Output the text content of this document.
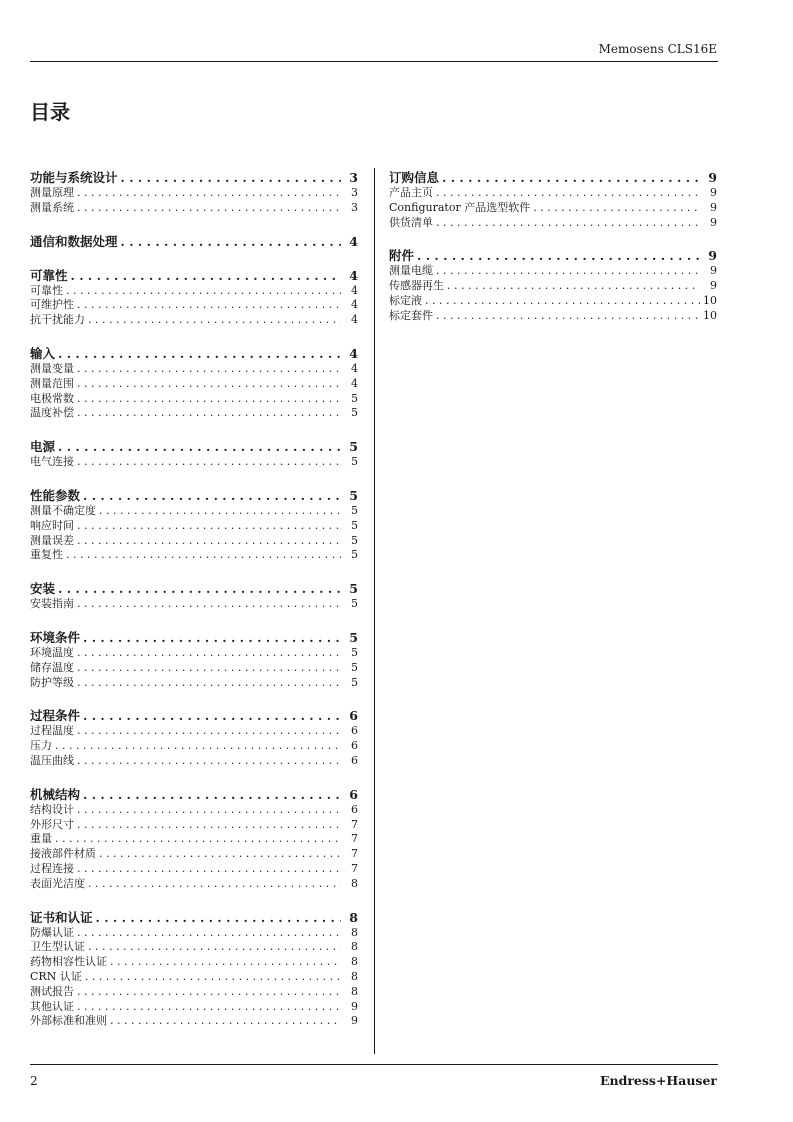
Memosens CLS16E
目录
功能与系统设计 . . .	3
测量原理 . . .	3
测量系统 . . .	3
通信和数据处理 . . .	4
可靠性 . . .	4
可靠性 . . .	4
可维护性 . . .	4
抗干扰能力 . . .	4
输入 . . .	4
测量变量 . . .	4
测量范围 . . .	4
电极常数 . . .	5
温度补偿 . . .	5
电源 . . .	5
电气连接 . . .	5
性能参数 . . .	5
测量不确定度 . . .	5
响应时间 . . .	5
测量误差 . . .	5
重复性 . . .	5
安装 . . .	5
安装指南 . . .	5
环境条件 . . .	5
环境温度 . . .	5
储存温度 . . .	5
防护等级 . . .	5
过程条件 . . .	6
过程温度 . . .	6
压力 . . .	6
温压曲线 . . .	6
机械结构 . . .	6
结构设计 . . .	6
外形尺寸 . . .	7
重量 . . .	7
接液部件材质 . . .	7
过程连接 . . .	7
表面光洁度 . . .	8
证书和认证 . . .	8
防爆认证 . . .	8
卫生型认证 . . .	8
药物相容性认证 . . .	8
CRN 认证 . . .	8
测试报告 . . .	8
其他认证 . . .	9
外部标准和准则 . . .	9
订购信息 . . .	9
产品主页 . . .	9
Configurator 产品选型软件 . . .	9
供货清单 . . .	9
附件 . . .	9
测量电缆 . . .	9
传感器再生 . . .	9
标定液 . . .	10
标定套件 . . .	10
2	Endress+Hauser
